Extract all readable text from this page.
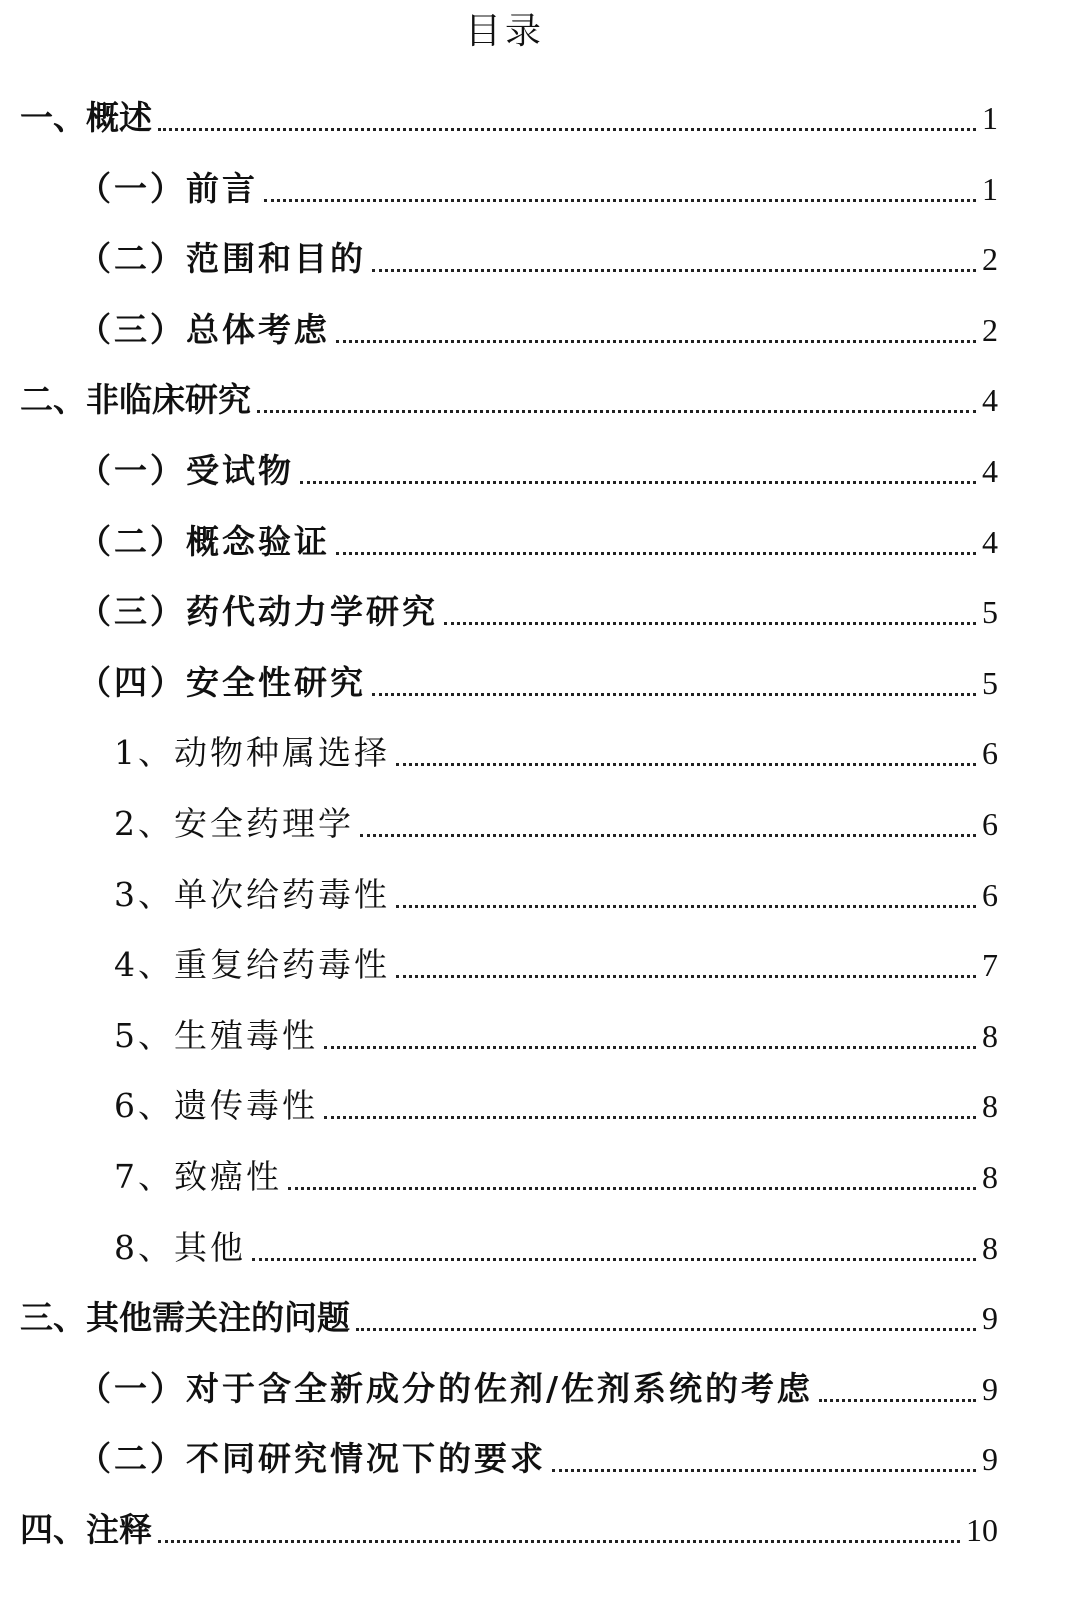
目录
一、概述	1
（一）前言	1
（二）范围和目的	2
（三）总体考虑	2
二、非临床研究	4
（一）受试物	4
（二）概念验证	4
（三）药代动力学研究	5
（四）安全性研究	5
1、动物种属选择	6
2、安全药理学	6
3、单次给药毒性	6
4、重复给药毒性	7
5、生殖毒性	8
6、遗传毒性	8
7、致癌性	8
8、其他	8
三、其他需关注的问题	9
（一）对于含全新成分的佐剂/佐剂系统的考虑	9
（二）不同研究情况下的要求	9
四、注释	10
